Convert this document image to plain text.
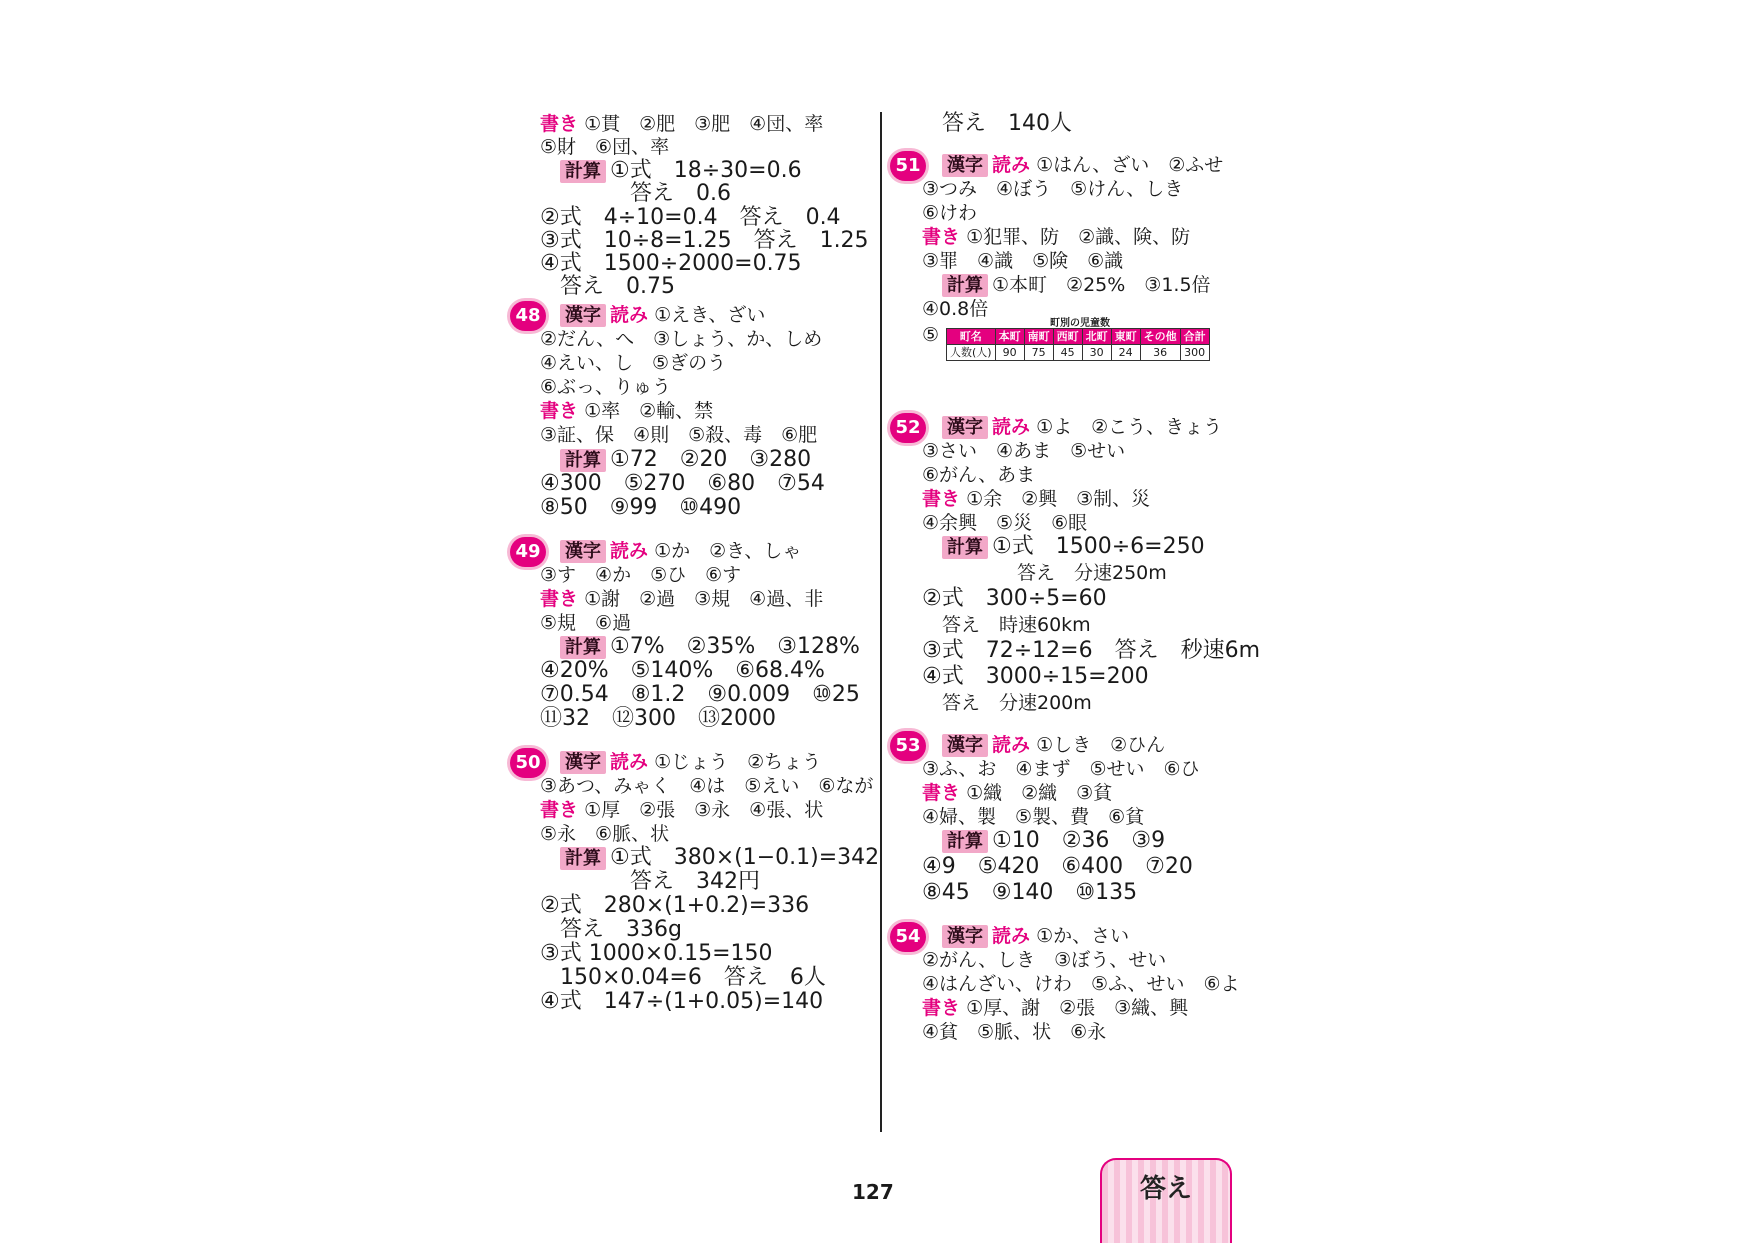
書き ①貫　②肥　③肥　④団、率
⑤財　⑥団、率
計算 ①式　18÷30=0.6
答え　0.6
②式　4÷10=0.4　答え　0.4
③式　10÷8=1.25　答え　1.25
④式　1500÷2000=0.75
答え　0.75
48	漢字 読み ①えき、ざい
②だん、へ　③しょう、か、しめ
④えい、し　⑤ぎのう
⑥ぶっ、りゅう
書き ①率　②輸、禁
③証、保　④則　⑤殺、毒　⑥肥
計算 ①72　②20　③280
④300　⑤270　⑥80　⑦54
⑧50　⑨99　⑩490
49	漢字 読み ①か　②き、しゃ
③す　④か　⑤ひ　⑥す
書き ①謝　②過　③規　④過、非
⑤規　⑥過
計算 ①7%　②35%　③128%
④20%　⑤140%　⑥68.4%
⑦0.54　⑧1.2　⑨0.009　⑩25
⑪32　⑫300　⑬2000
50	漢字 読み ①じょう　②ちょう
③あつ、みゃく　④は　⑤えい　⑥なが
書き ①厚　②張　③永　④張、状
⑤永　⑥脈、状
計算 ①式　380×(1−0.1)=342
答え　342円
②式　280×(1+0.2)=336
答え　336g
③式 1000×0.15=150
150×0.04=6　答え　6人
④式　147÷(1+0.05)=140
答え　140人
51	漢字 読み ①はん、ざい　②ふせ
③つみ　④ぼう　⑤けん、しき
⑥けわ
書き ①犯罪、防　②識、険、防
③罪　④識　⑤険　⑥識
計算 ①本町　②25%　③1.5倍
④0.8倍
⑤
町別の児童数
町名	本町	南町	西町	北町	東町	その他	合計
人数(人)	90	75	45	30	24	36	300
52	漢字 読み ①よ　②こう、きょう
③さい　④あま　⑤せい
⑥がん、あま
書き ①余　②興　③制、災
④余興　⑤災　⑥眼
計算 ①式　1500÷6=250
答え　分速250m
②式　300÷5=60
答え　時速60km
③式　72÷12=6　答え　秒速6m
④式　3000÷15=200
答え　分速200m
53	漢字 読み ①しき　②ひん
③ふ、お　④まず　⑤せい　⑥ひ
書き ①織　②織　③貧
④婦、製　⑤製、費　⑥貧
計算 ①10　②36　③9
④9　⑤420　⑥400　⑦20
⑧45　⑨140　⑩135
54	漢字 読み ①か、さい
②がん、しき　③ぼう、せい
④はんざい、けわ　⑤ふ、せい　⑥よ
書き ①厚、謝　②張　③織、興
④貧　⑤脈、状　⑥永
127	答え
